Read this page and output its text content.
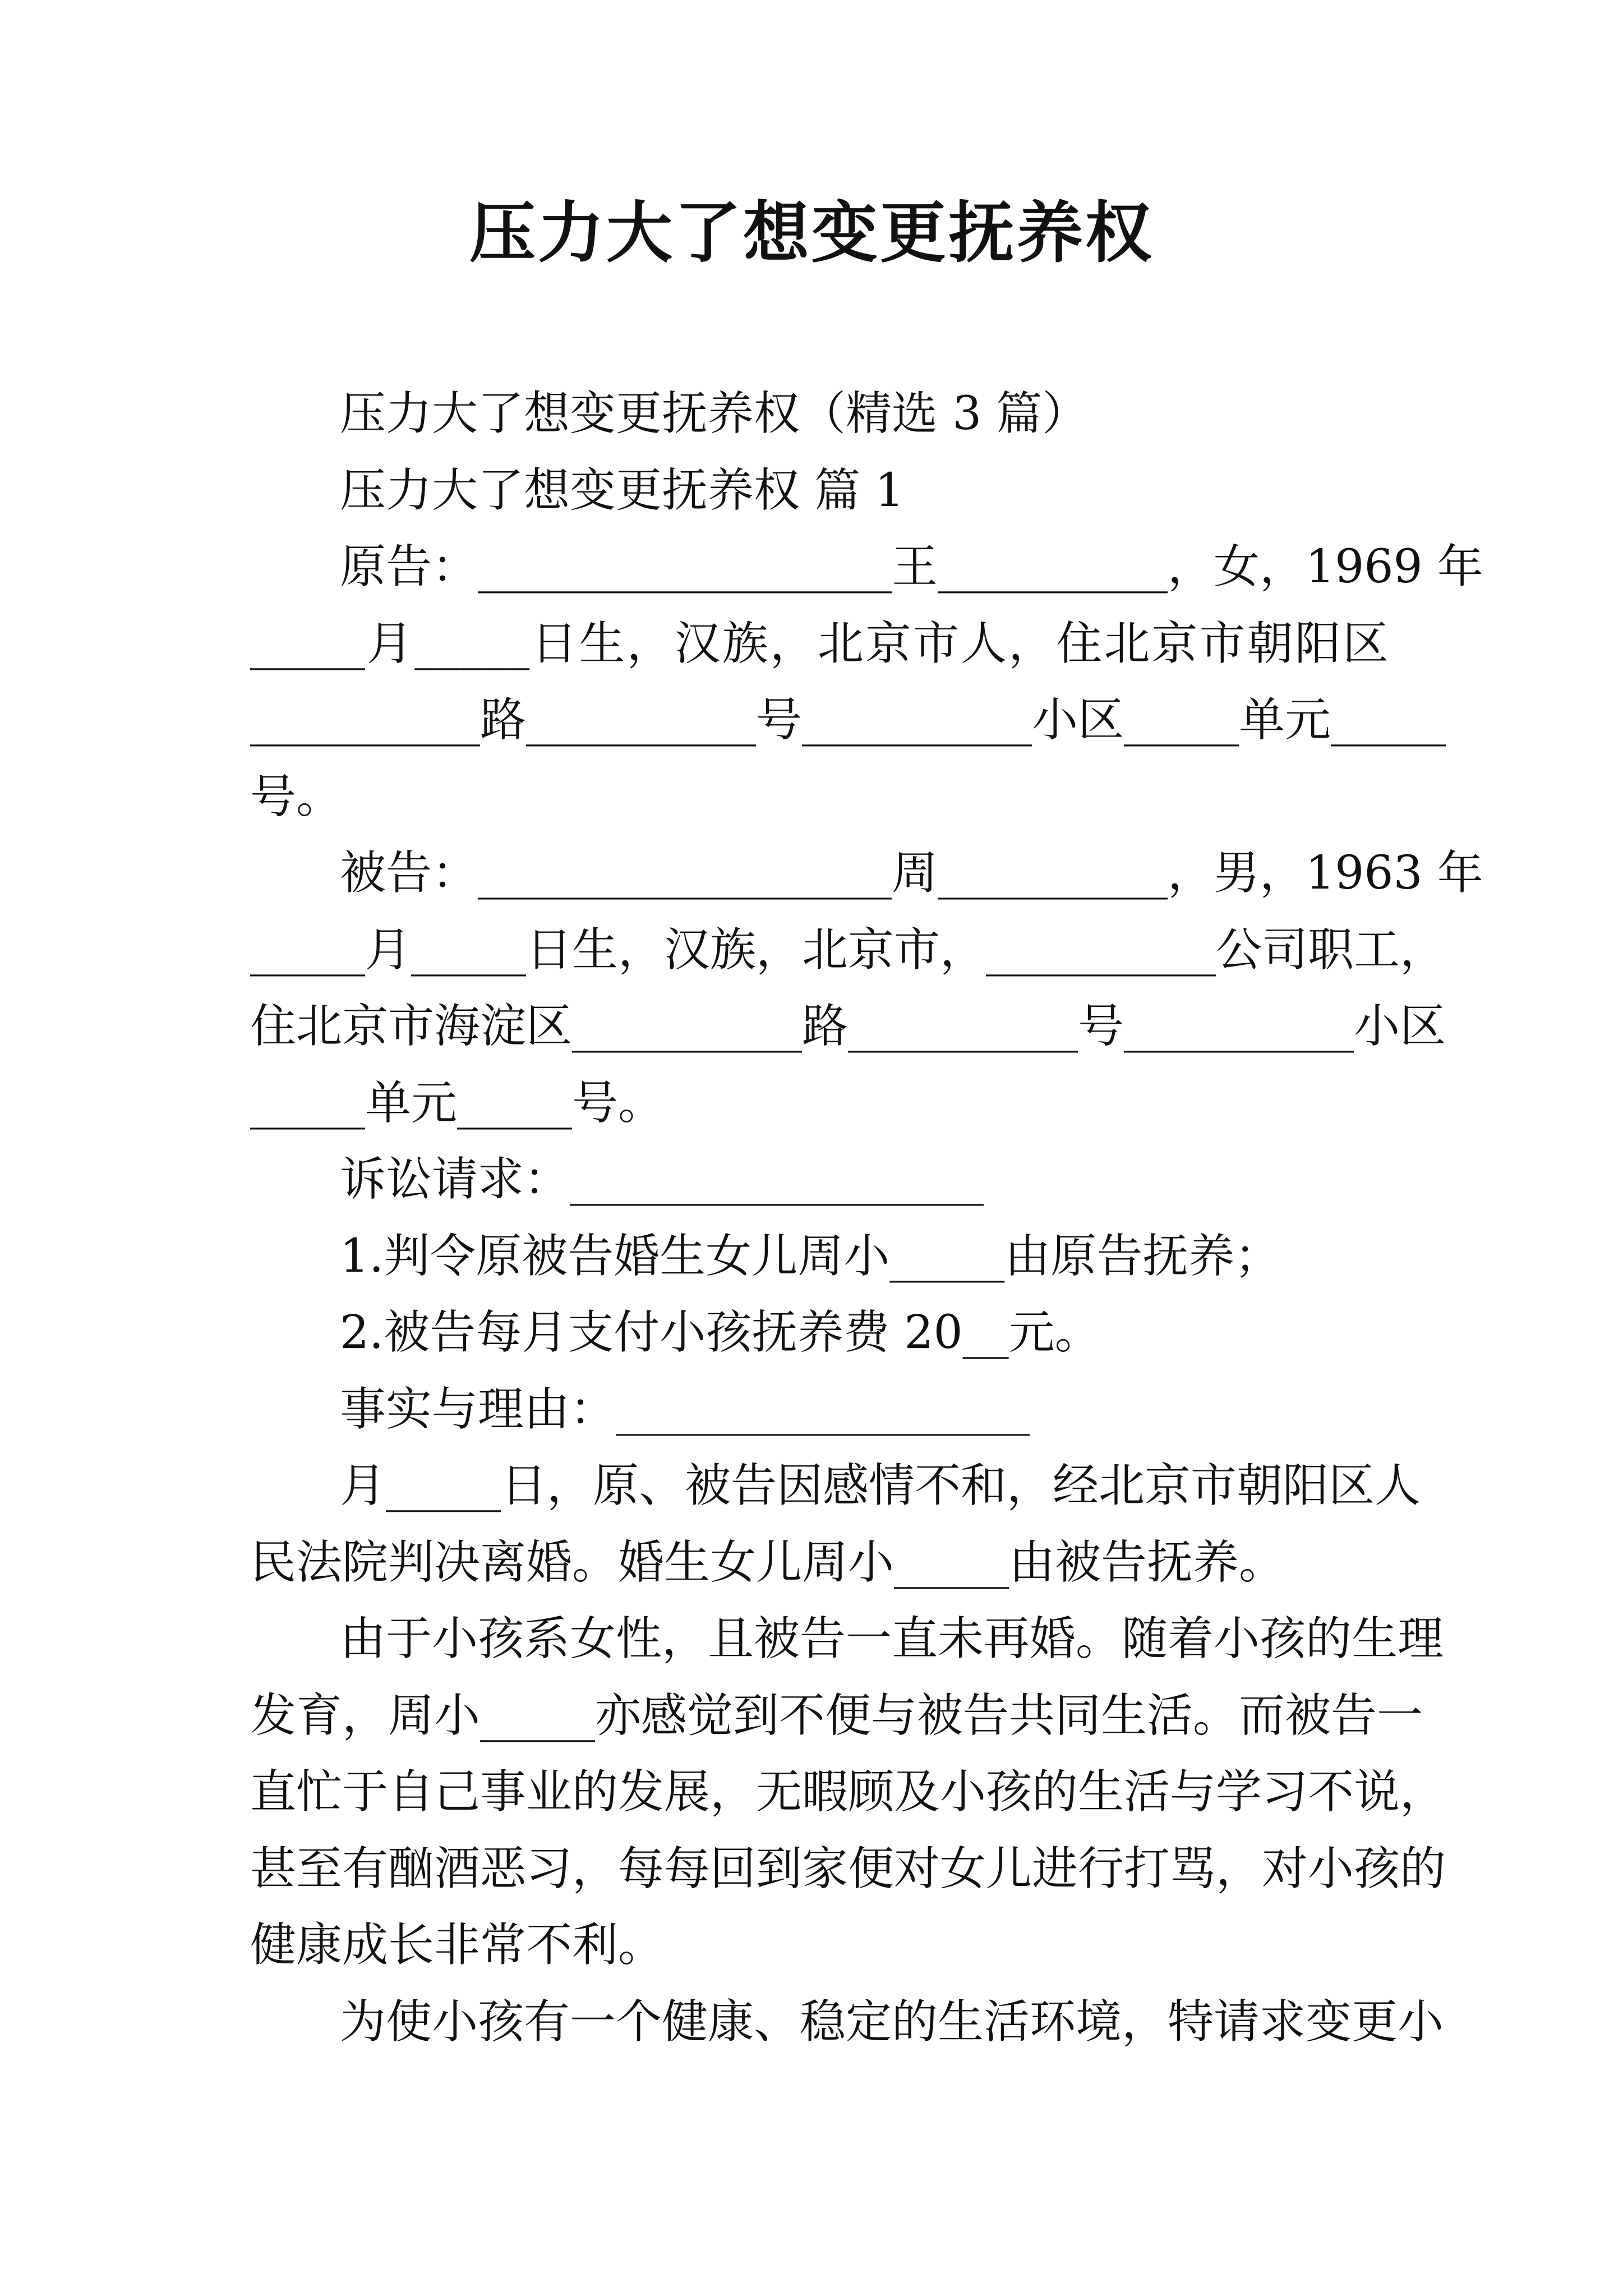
压力大了想变更抚养权
压力大了想变更抚养权（精选 3 篇）
压力大了想变更抚养权 篇 1
原告：__________________王__________，女，1969 年
_____月_____日生，汉族，北京市人，住北京市朝阳区
__________路__________号__________小区_____单元_____
号。
被告：__________________周__________，男，1963 年
_____月_____日生，汉族，北京市，__________公司职工，
住北京市海淀区__________路__________号__________小区
_____单元_____号。
诉讼请求：__________________
1.判令原被告婚生女儿周小_____由原告抚养；
2.被告每月支付小孩抚养费 20__元。
事实与理由：__________________
月_____日，原、被告因感情不和，经北京市朝阳区人
民法院判决离婚。婚生女儿周小_____由被告抚养。
由于小孩系女性，且被告一直未再婚。随着小孩的生理
发育，周小_____亦感觉到不便与被告共同生活。而被告一
直忙于自己事业的发展，无暇顾及小孩的生活与学习不说，
甚至有酗酒恶习，每每回到家便对女儿进行打骂，对小孩的
健康成长非常不利。
为使小孩有一个健康、稳定的生活环境，特请求变更小
